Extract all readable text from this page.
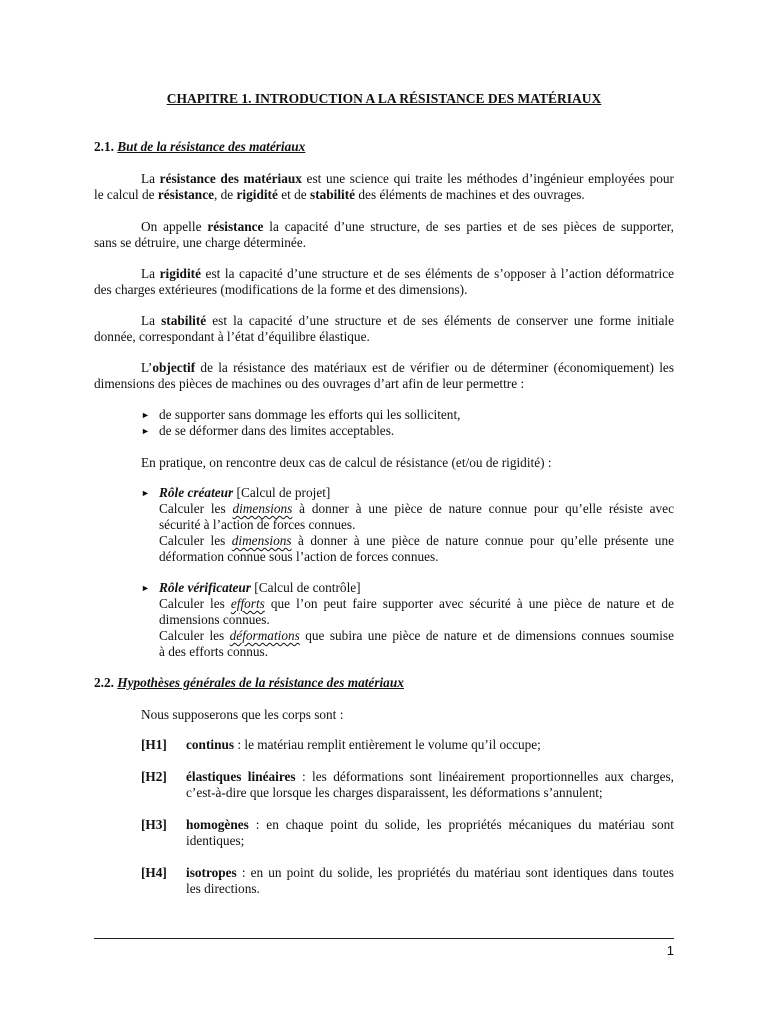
CHAPITRE 1. INTRODUCTION A LA RÉSISTANCE DES MATÉRIAUX
2.1. But de la résistance des matériaux
La résistance des matériaux est une science qui traite les méthodes d’ingénieur employées pour
le calcul de résistance, de rigidité et de stabilité des éléments de machines et des ouvrages.
On appelle résistance la capacité d’une structure, de ses parties et de ses pièces de supporter,
sans se détruire, une charge déterminée.
La rigidité est la capacité d’une structure et de ses éléments de s’opposer à l’action déformatrice
des charges extérieures (modifications de la forme et des dimensions).
La stabilité est la capacité d’une structure et de ses éléments de conserver une forme initiale
donnée, correspondant à l’état d’équilibre élastique.
L’objectif de la résistance des matériaux est de vérifier ou de déterminer (économiquement) les
dimensions des pièces de machines ou des ouvrages d’art afin de leur permettre :
► de supporter sans dommage les efforts qui les sollicitent,
► de se déformer dans des limites acceptables.
En pratique, on rencontre deux cas de calcul de résistance (et/ou de rigidité) :
► Rôle créateur [Calcul de projet]
Calculer les dimensions à donner à une pièce de nature connue pour qu’elle résiste avec
sécurité à l’action de forces connues.
Calculer les dimensions à donner à une pièce de nature connue pour qu’elle présente une
déformation connue sous l’action de forces connues.
► Rôle vérificateur [Calcul de contrôle]
Calculer les efforts que l’on peut faire supporter avec sécurité à une pièce de nature et de
dimensions connues.
Calculer les déformations que subira une pièce de nature et de dimensions connues soumise
à des efforts connus.
2.2. Hypothèses générales de la résistance des matériaux
Nous supposerons que les corps sont :
[H1] continus : le matériau remplit entièrement le volume qu’il occupe;
[H2] élastiques linéaires : les déformations sont linéairement proportionnelles aux charges,
c’est-à-dire que lorsque les charges disparaissent, les déformations s’annulent;
[H3] homogènes : en chaque point du solide, les propriétés mécaniques du matériau sont
identiques;
[H4] isotropes : en un point du solide, les propriétés du matériau sont identiques dans toutes
les directions.
1
